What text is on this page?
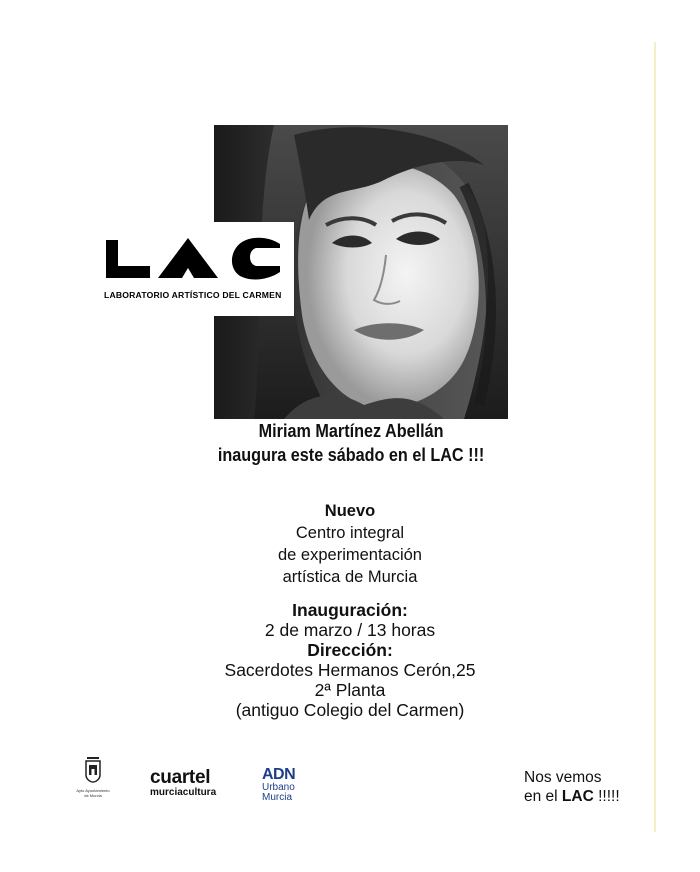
LABORATORIO ARTÍSTICO DEL CARMEN
Miriam Martínez Abellán
inaugura este sábado en el LAC !!!
Nuevo
Centro integral
de experimentación
artística de Murcia
Inauguración:
2 de marzo / 13 horas
Dirección:
Sacerdotes Hermanos Cerón,25
2ª Planta
(antiguo Colegio del Carmen)
Ayto Ayuntamiento
de Murcia
cuartel
murciacultura
ADN
Urbano
Murcia
Nos vemos
en el LAC !!!!!
